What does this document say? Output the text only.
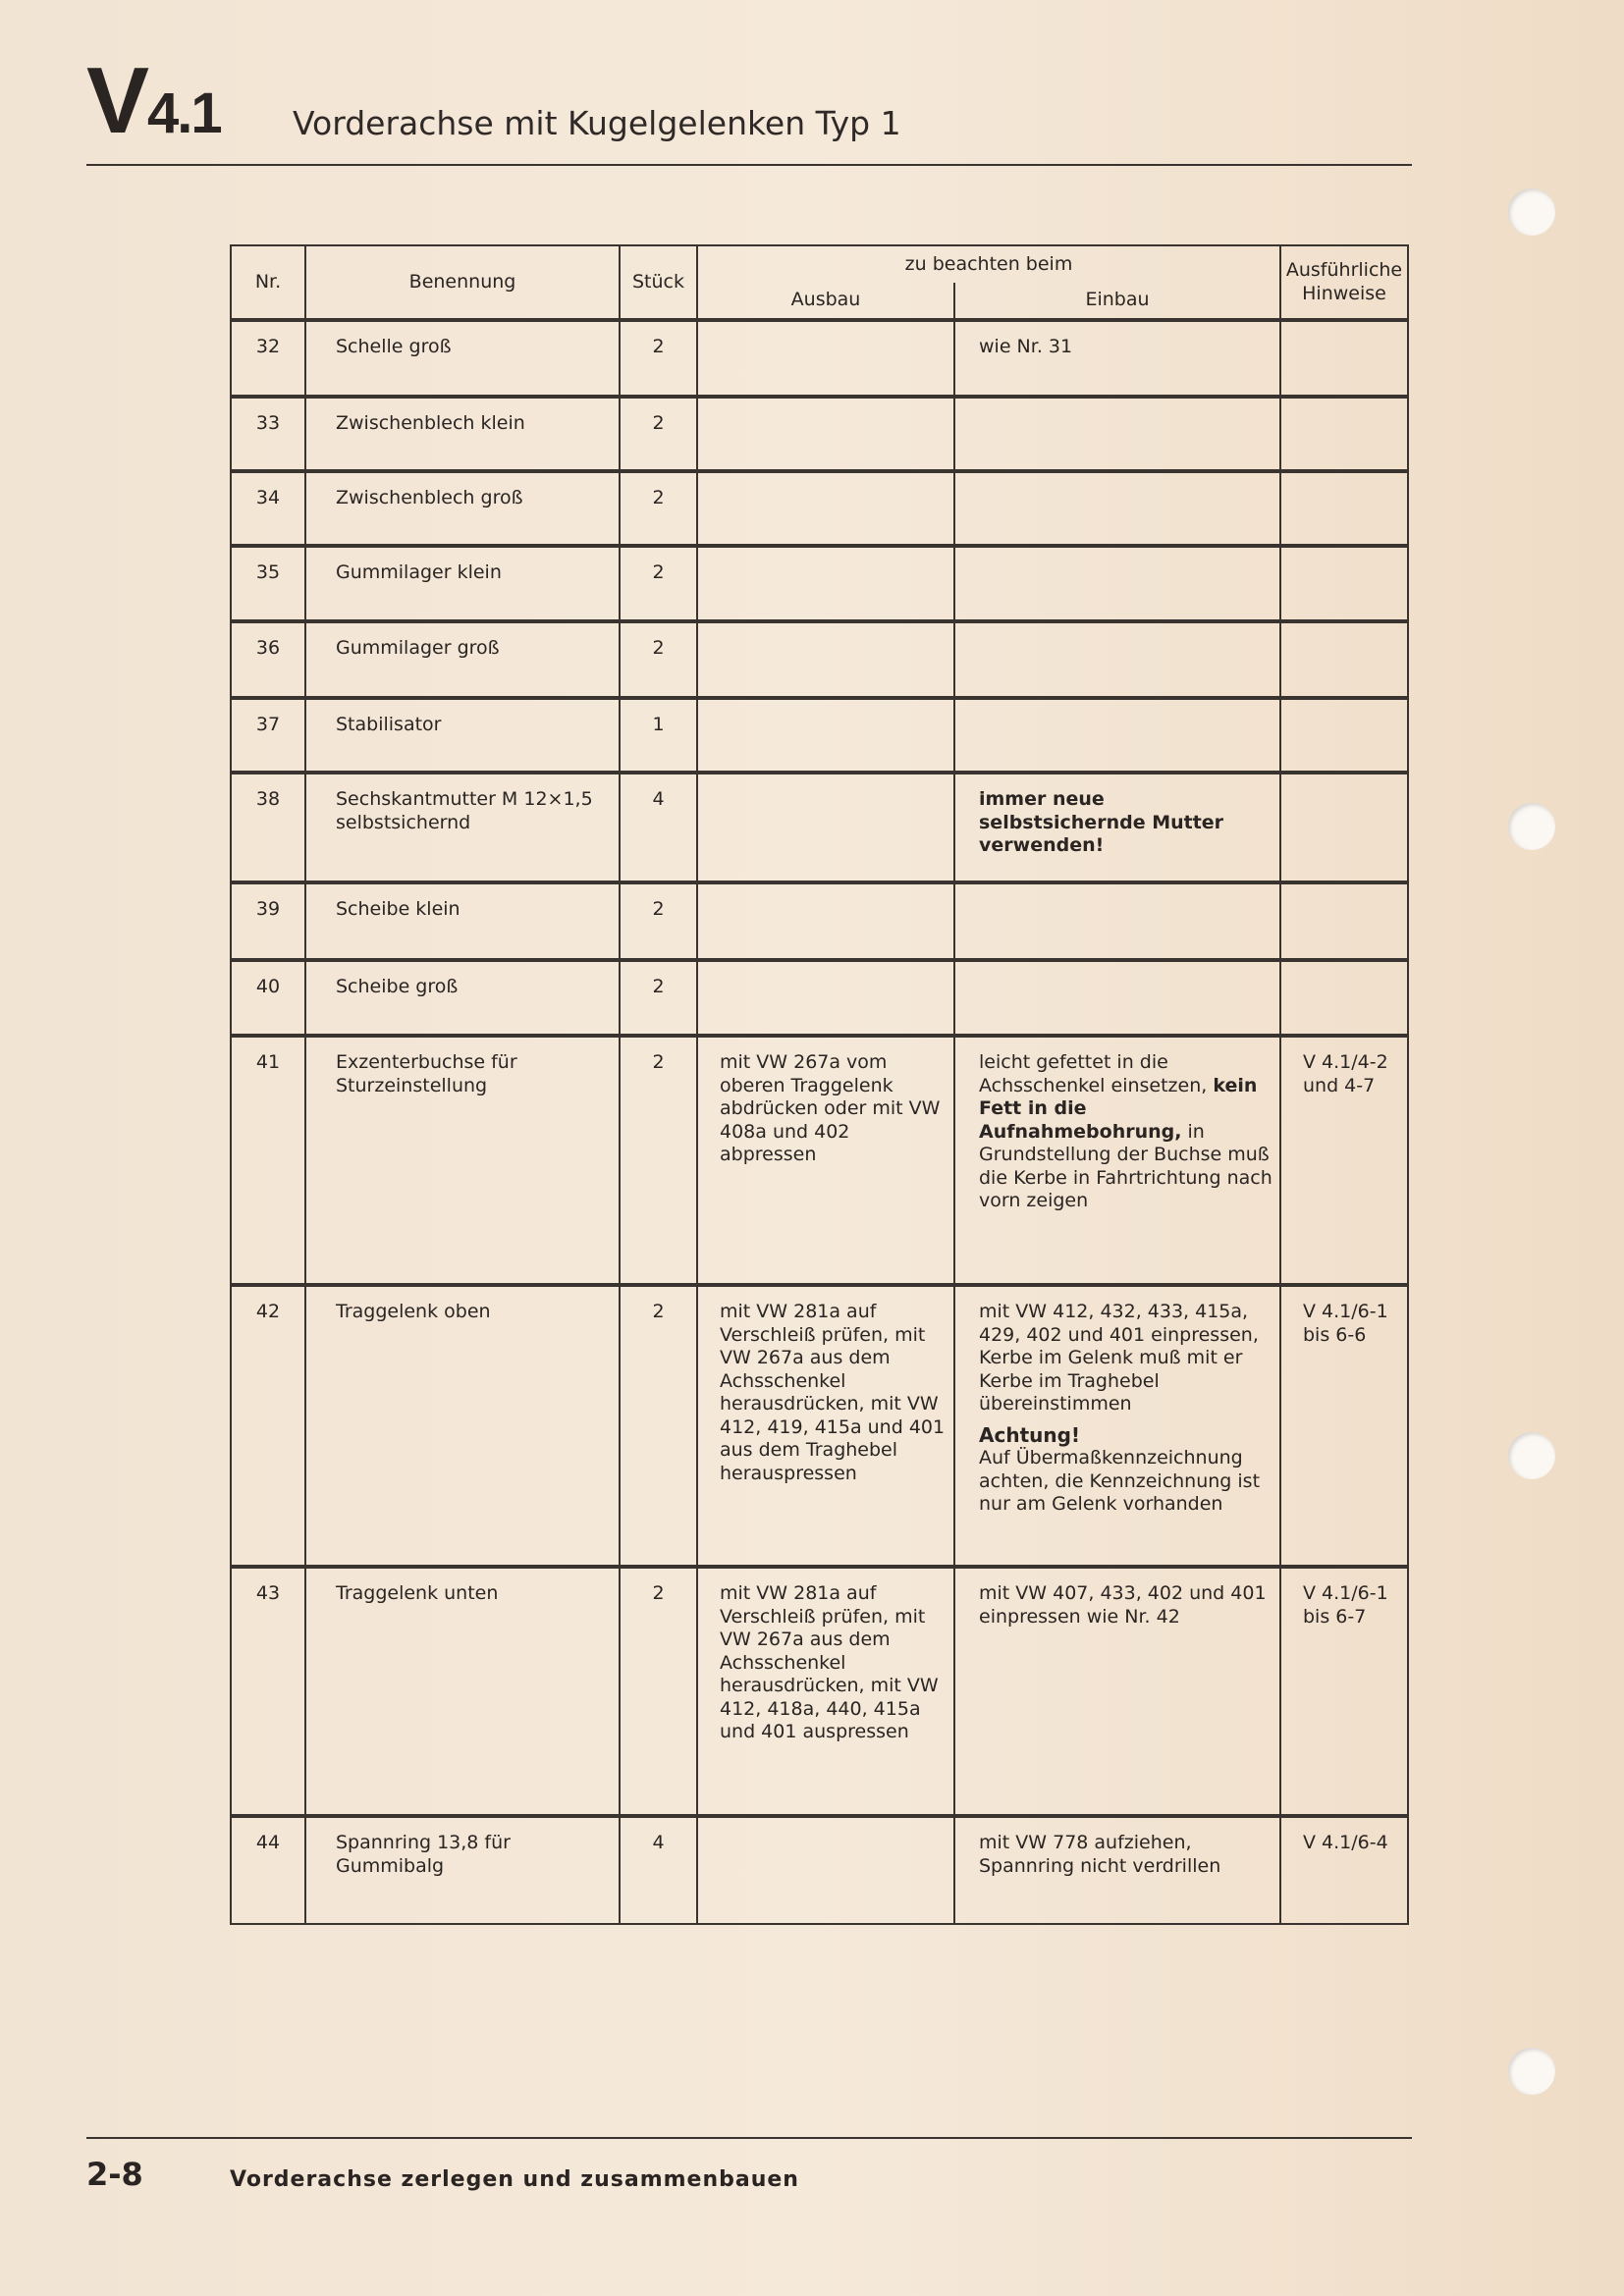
V4.1 Vorderachse mit Kugelgelenken Typ 1
Nr.	Benennung	Stück	zu beachten beim		Ausführliche Hinweise
			Ausbau	Einbau	
32	Schelle groß	2		wie Nr. 31	

33	Zwischenblech klein	2			
34	Zwischenblech groß	2			
35	Gummilager klein	2			
36	Gummilager groß	2			
37	Stabilisator	1			
38	Sechskantmutter M 12×1,5 selbstsichernd	4		immer neue selbstsichernde Mutter verwenden!	

39	Scheibe klein	2			
40	Scheibe groß	2			
41	Exzenterbuchse für Sturzeinstellung	2	mit VW 267a vom oberen Traggelenk abdrücken oder mit VW 408a und 402 abpressen	leicht gefettet in die Achsschenkel einsetzen, kein Fett in die Aufnahmebohrung, in Grundstellung der Buchse muß die Kerbe in Fahrtrichtung nach vorn zeigen	V 4.1/4-2 und 4-7
42	Traggelenk oben	2	mit VW 281a auf Verschleiß prüfen, mit VW 267a aus dem Achsschenkel herausdrücken, mit VW 412, 419, 415a und 401 aus dem Traghebel herauspressen	mit VW 412, 432, 433, 415a, 429, 402 und 401 einpressen, Kerbe im Gelenk muß mit er Kerbe im Traghebel übereinstimmen
Achtung!
Auf Übermaßkennzeichnung achten, die Kennzeichnung ist nur am Gelenk vorhanden	V 4.1/6-1 bis 6-6
43	Traggelenk unten	2	mit VW 281a auf Verschleiß prüfen, mit VW 267a aus dem Achsschenkel herausdrücken, mit VW 412, 418a, 440, 415a und 401 auspressen	mit VW 407, 433, 402 und 401 einpressen wie Nr. 42	V 4.1/6-1 bis 6-7
44	Spannring 13,8 für Gummibalg	4		mit VW 778 aufziehen, Spannring nicht verdrillen	V 4.1/6-4
2-8	Vorderachse zerlegen und zusammenbauen
